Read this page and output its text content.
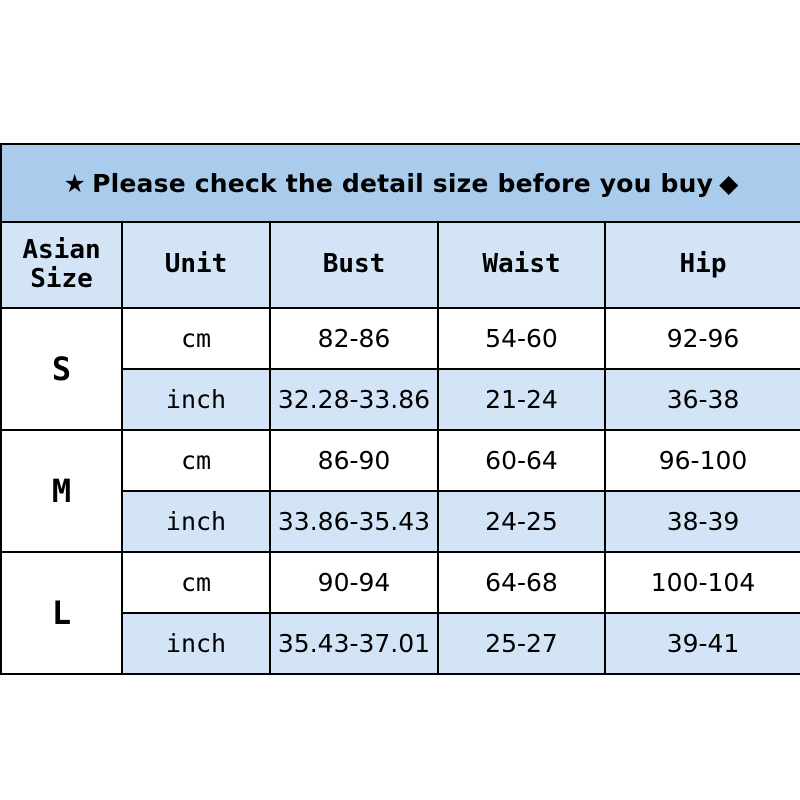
★ Please check the detail size before you buy ◆				

Asian
Size	Unit	Bust	Waist	Hip
S	cm	82-86	54-60	92-96
	inch	32.28-33.86	21-24	36-38
M	cm	86-90	60-64	96-100
	inch	33.86-35.43	24-25	38-39
L	cm	90-94	64-68	100-104
	inch	35.43-37.01	25-27	39-41
